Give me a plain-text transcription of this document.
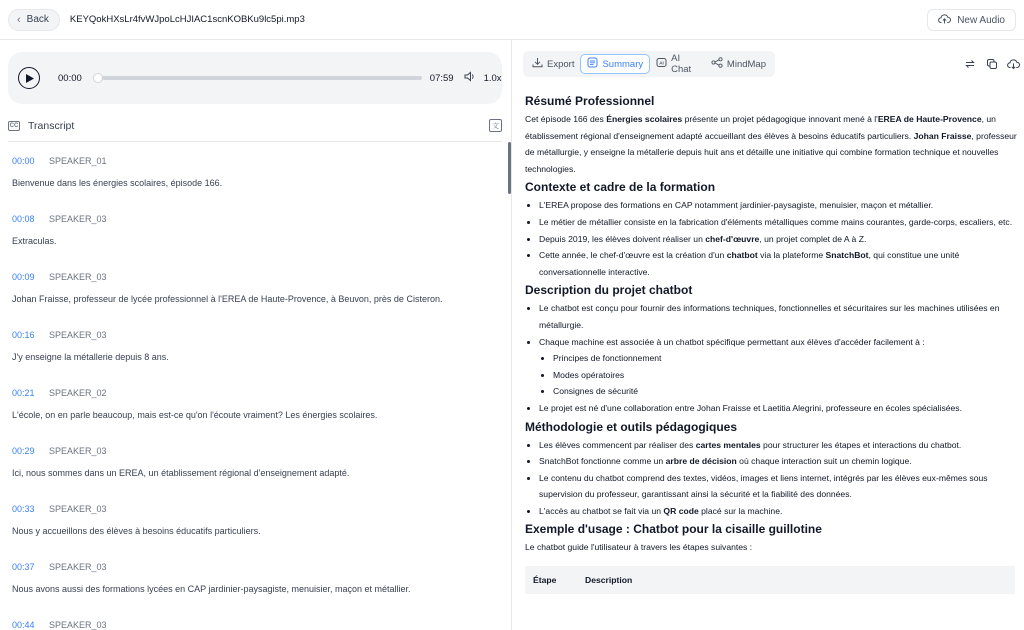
‹ Back KEYQokHXsLr4fvWJpoLcHJIAC1scnKOBKu9lc5pi.mp3	New Audio
00:00	07:59	1.0x
CC Transcript	文
00:00 SPEAKER_01
Bienvenue dans les énergies scolaires, épisode 166.
00:08 SPEAKER_03
Extraculas.
00:09 SPEAKER_03
Johan Fraisse, professeur de lycée professionnel à l'EREA de Haute-Provence, à Beuvon, près de Cisteron.
00:16 SPEAKER_03
J'y enseigne la métallerie depuis 8 ans.
00:21 SPEAKER_02
L'école, on en parle beaucoup, mais est-ce qu'on l'écoute vraiment? Les énergies scolaires.
00:29 SPEAKER_03
Ici, nous sommes dans un EREA, un établissement régional d'enseignement adapté.
00:33 SPEAKER_03
Nous y accueillons des élèves à besoins éducatifs particuliers.
00:37 SPEAKER_03
Nous avons aussi des formations lycées en CAP jardinier-paysagiste, menuisier, maçon et métallier.
00:44 SPEAKER_03
Export	Summary	AI AI Chat	MindMap
Résumé Professionnel

Cet épisode 166 des Énergies scolaires présente un projet pédagogique innovant mené à l'EREA de Haute-Provence, un établissement régional d'enseignement adapté accueillant des élèves à besoins éducatifs particuliers. Johan Fraisse, professeur de métallurgie, y enseigne la métallerie depuis huit ans et détaille une initiative qui combine formation technique et nouvelles technologies.

Contexte et cadre de la formation
• L'EREA propose des formations en CAP notamment jardinier-paysagiste, menuisier, maçon et métallier.
• Le métier de métallier consiste en la fabrication d'éléments métalliques comme mains courantes, garde-corps, escaliers, etc.
• Depuis 2019, les élèves doivent réaliser un chef-d'œuvre, un projet complet de A à Z.
• Cette année, le chef-d'œuvre est la création d'un chatbot via la plateforme SnatchBot, qui constitue une unité conversationnelle interactive.
Description du projet chatbot
• Le chatbot est conçu pour fournir des informations techniques, fonctionnelles et sécuritaires sur les machines utilisées en métallurgie.
• Chaque machine est associée à un chatbot spécifique permettant aux élèves d'accéder facilement à :
• Principes de fonctionnement
• Modes opératoires
• Consignes de sécurité
• Le projet est né d'une collaboration entre Johan Fraisse et Laetitia Alegrini, professeure en écoles spécialisées.
Méthodologie et outils pédagogiques
• Les élèves commencent par réaliser des cartes mentales pour structurer les étapes et interactions du chatbot.
• SnatchBot fonctionne comme un arbre de décision où chaque interaction suit un chemin logique.
• Le contenu du chatbot comprend des textes, vidéos, images et liens internet, intégrés par les élèves eux-mêmes sous supervision du professeur, garantissant ainsi la sécurité et la fiabilité des données.
• L'accès au chatbot se fait via un QR code placé sur la machine.
Exemple d'usage : Chatbot pour la cisaille guillotine

Le chatbot guide l'utilisateur à travers les étapes suivantes :

Étape	Description
